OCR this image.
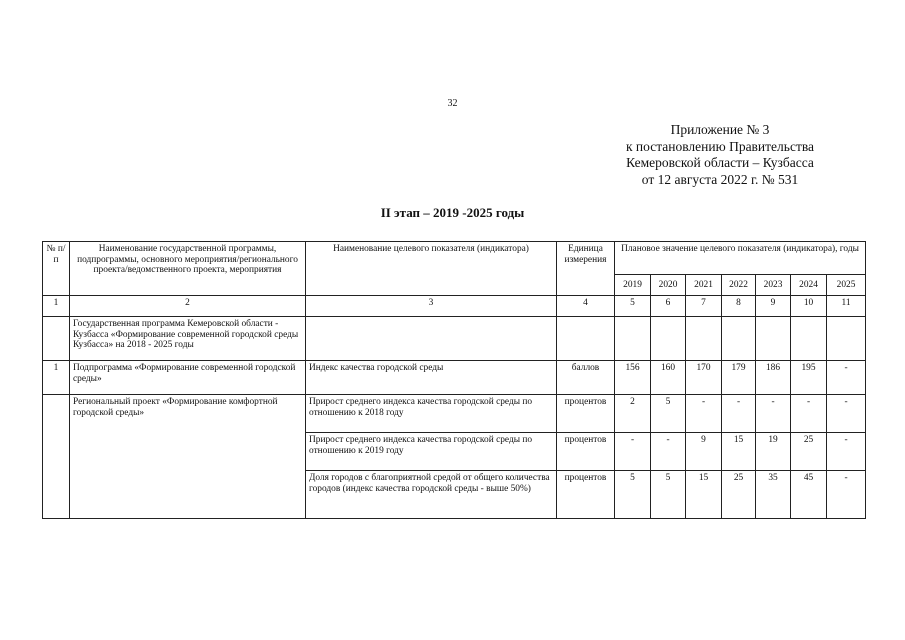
32
Приложение № 3
к постановлению Правительства
Кемеровской области – Кузбасса
от 12 августа 2022 г. № 531
II этап – 2019 -2025 годы
№ п/п	Наименование государственной программы, подпрограммы, основного мероприятия/регионального проекта/ведомственного проекта, мероприятия	Наименование целевого показателя (индикатора)	Единица измерения	Плановое значение целевого показателя (индикатора), годы						
				2019	2020	2021	2022	2023	2024	2025
1	2	3	4	5	6	7	8	9	10	11
	Государственная программа Кемеровской области - Кузбасса «Формирование современной городской среды Кузбасса» на 2018 - 2025 годы									
1	Подпрограмма «Формирование современной городской среды»	Индекс качества городской среды	баллов	156	160	170	179	186	195	-
	Региональный проект «Формирование комфортной городской среды»	Прирост среднего индекса качества городской среды по отношению к 2018 году	процентов	2	5	-	-	-	-	-
		Прирост среднего индекса качества городской среды по отношению к 2019 году	процентов	-	-	9	15	19	25	-
		Доля городов с благоприятной средой от общего количества городов (индекс качества городской среды - выше 50%)	процентов	5	5	15	25	35	45	-
